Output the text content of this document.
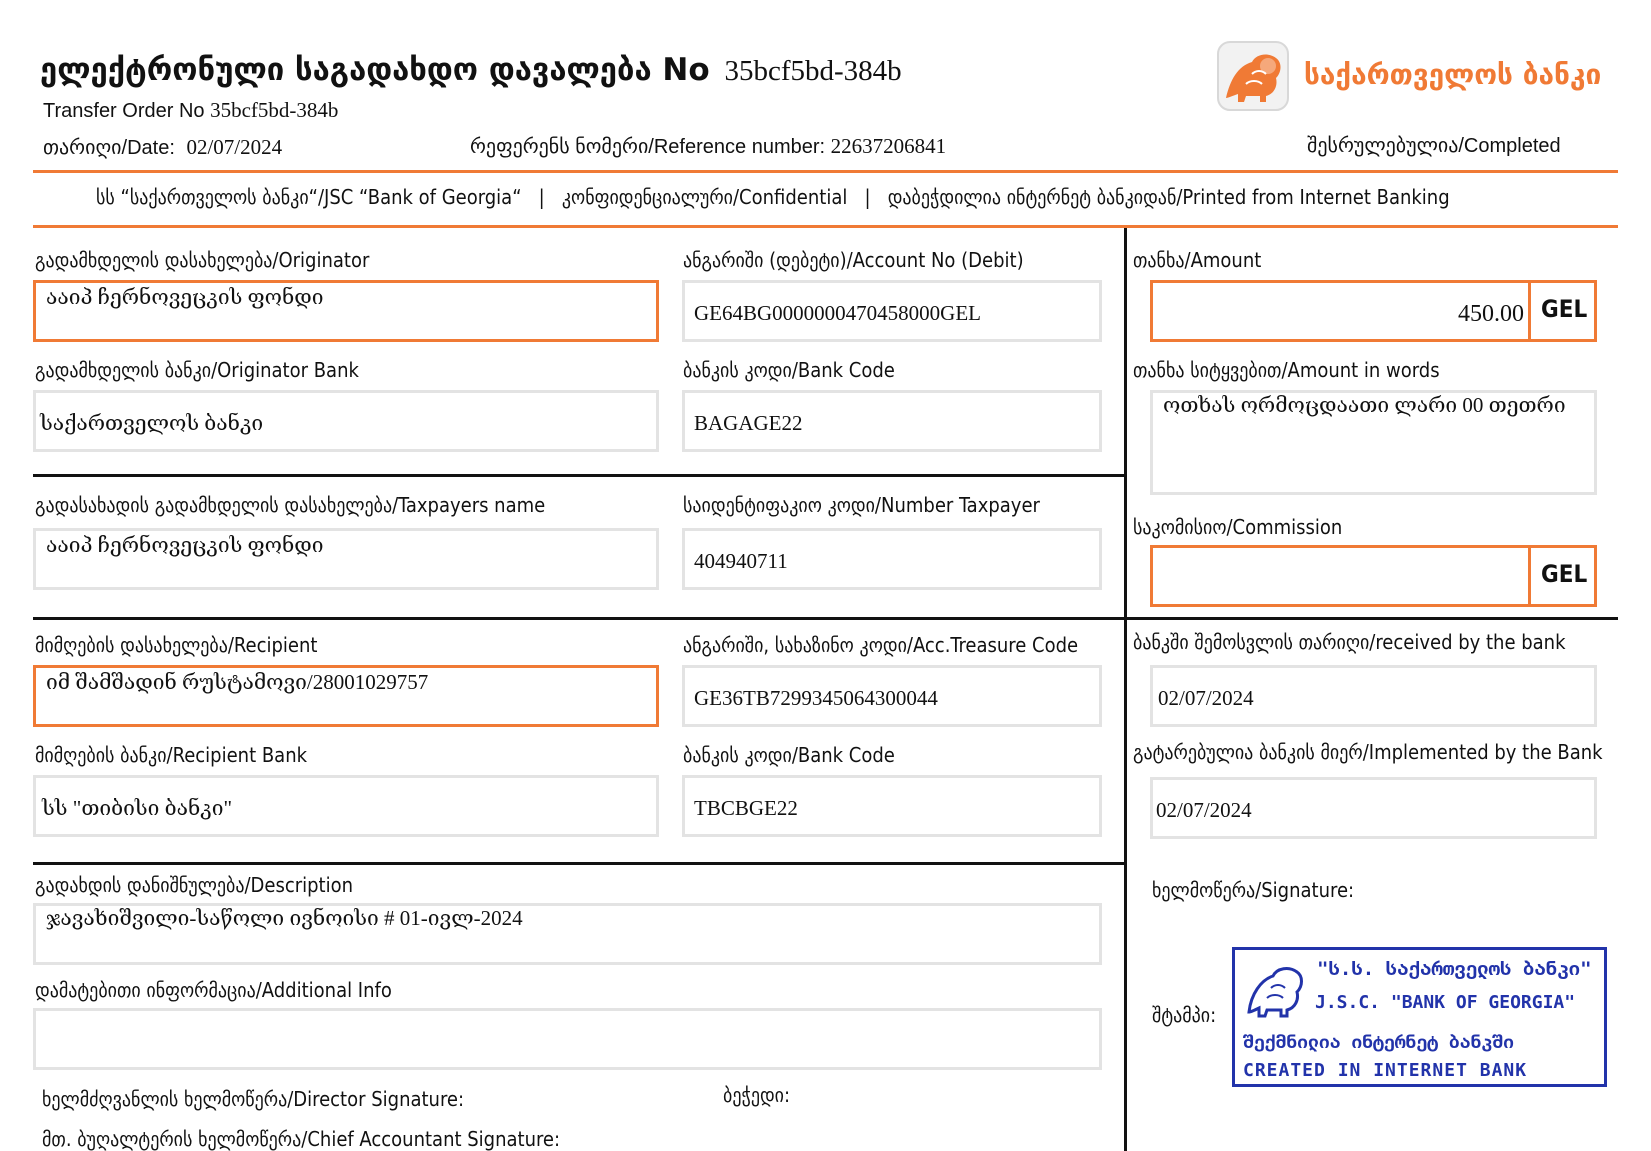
ელექტრონული საგადახდო დავალება No 35bcf5bd-384b
Transfer Order No 35bcf5bd-384b
თარიღი/Date: 02/07/2024	რეფერენს ნომერი/Reference number: 22637206841	შესრულებულია/Completed
საქართველოს ბანკი
სს “საქართველოს ბანკი“/JSC “Bank of Georgia“   |   კონფიდენციალური/Confidential   |   დაბეჭდილია ინტერნეტ ბანკიდან/Printed from Internet Banking
გადამხდელის დასახელება/Originator
ააიპ ჩერნოვეცკის ფონდი
ანგარიში (დებეტი)/Account No (Debit)
GE64BG0000000470458000GEL
გადამხდელის ბანკი/Originator Bank
საქართველოს ბანკი
ბანკის კოდი/Bank Code
BAGAGE22
გადასახადის გადამხდელის დასახელება/Taxpayers name
ააიპ ჩერნოვეცკის ფონდი
საიდენტიფაკიო კოდი/Number Taxpayer
404940711
მიმღების დასახელება/Recipient
იმ შამშადინ რუსტამოვი/28001029757
ანგარიში, სახაზინო კოდი/Acc.Treasure Code
GE36TB7299345064300044
მიმღების ბანკი/Recipient Bank
სს "თიბისი ბანკი"
ბანკის კოდი/Bank Code
TBCBGE22
გადახდის დანიშნულება/Description
ჯავახიშვილი-საწოლი ივნოისი # 01-ივლ-2024
დამატებითი ინფორმაცია/Additional Info
ხელმძღვანლის ხელმოწერა/Director Signature:	ბეჭედი:
მთ. ბუღალტერის ხელმოწერა/Chief Accountant Signature:
თანხა/Amount
450.00 GEL
თანხა სიტყვებით/Amount in words
ოთხას ორმოცდაათი ლარი 00 თეთრი
საკომისიო/Commission
GEL
ბანკში შემოსვლის თარიღი/received by the bank
02/07/2024
გატარებულია ბანკის მიერ/Implemented by the Bank
02/07/2024
ხელმოწერა/Signature:
შტამპი:
"ს.ს. საქართველოს ბანკი"
J.S.C. "BANK OF GEORGIA"
შექმნილია ინტერნეტ ბანკში
CREATED IN INTERNET BANK
